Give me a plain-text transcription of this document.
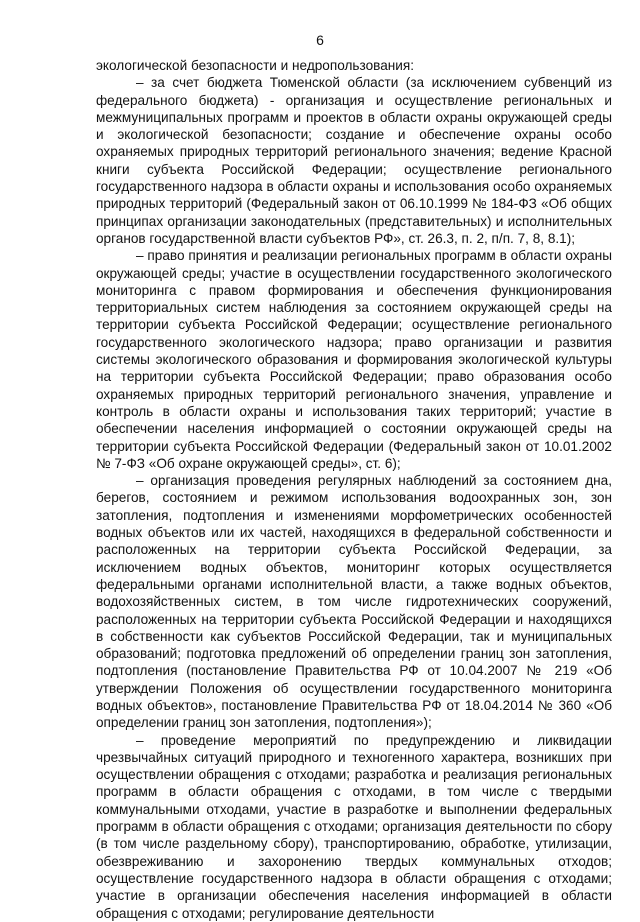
6

экологической безопасности и недропользования:

– за счет бюджета Тюменской области (за исключением субвенций из федерального бюджета) - организация и осуществление региональных и межмуниципальных программ и проектов в области охраны окружающей среды и экологической безопасности; создание и обеспечение охраны особо охраняемых природных территорий регионального значения; ведение Красной книги субъекта Российской Федерации; осуществление регионального государственного надзора в области охраны и использования особо охраняемых природных территорий (Федеральный закон от 06.10.1999 № 184-ФЗ «Об общих принципах организации законодательных (представительных) и исполнительных органов государственной власти субъектов РФ», ст. 26.3, п. 2, п/п. 7, 8, 8.1);

– право принятия и реализации региональных программ в области охраны окружающей среды; участие в осуществлении государственного экологического мониторинга с правом формирования и обеспечения функционирования территориальных систем наблюдения за состоянием окружающей среды на территории субъекта Российской Федерации; осуществление регионального государственного экологического надзора; право организации и развития системы экологического образования и формирования экологической культуры на территории субъекта Российской Федерации; право образования особо охраняемых природных территорий регионального значения, управление и контроль в области охраны и использования таких территорий; участие в обеспечении населения информацией о состоянии окружающей среды на территории субъекта Российской Федерации (Федеральный закон от 10.01.2002 № 7-ФЗ «Об охране окружающей среды», ст. 6);

– организация проведения регулярных наблюдений за состоянием дна, берегов, состоянием и режимом использования водоохранных зон, зон затопления, подтопления и изменениями морфометрических особенностей водных объектов или их частей, находящихся в федеральной собственности и расположенных на территории субъекта Российской Федерации, за исключением водных объектов, мониторинг которых осуществляется федеральными органами исполнительной власти, а также водных объектов, водохозяйственных систем, в том числе гидротехнических сооружений, расположенных на территории субъекта Российской Федерации и находящихся в собственности как субъектов Российской Федерации, так и муниципальных образований; подготовка предложений об определении границ зон затопления, подтопления (постановление Правительства РФ от 10.04.2007 № 219 «Об утверждении Положения об осуществлении государственного мониторинга водных объектов», постановление Правительства РФ от 18.04.2014 № 360 «Об определении границ зон затопления, подтопления»);

– проведение мероприятий по предупреждению и ликвидации чрезвычайных ситуаций природного и техногенного характера, возникших при осуществлении обращения с отходами; разработка и реализация региональных программ в области обращения с отходами, в том числе с твердыми коммунальными отходами, участие в разработке и выполнении федеральных программ в области обращения с отходами; организация деятельности по сбору (в том числе раздельному сбору), транспортированию, обработке, утилизации, обезвреживанию и захоронению твердых коммунальных отходов; осуществление государственного надзора в области обращения с отходами; участие в организации обеспечения населения информацией в области обращения с отходами; регулирование деятельности
